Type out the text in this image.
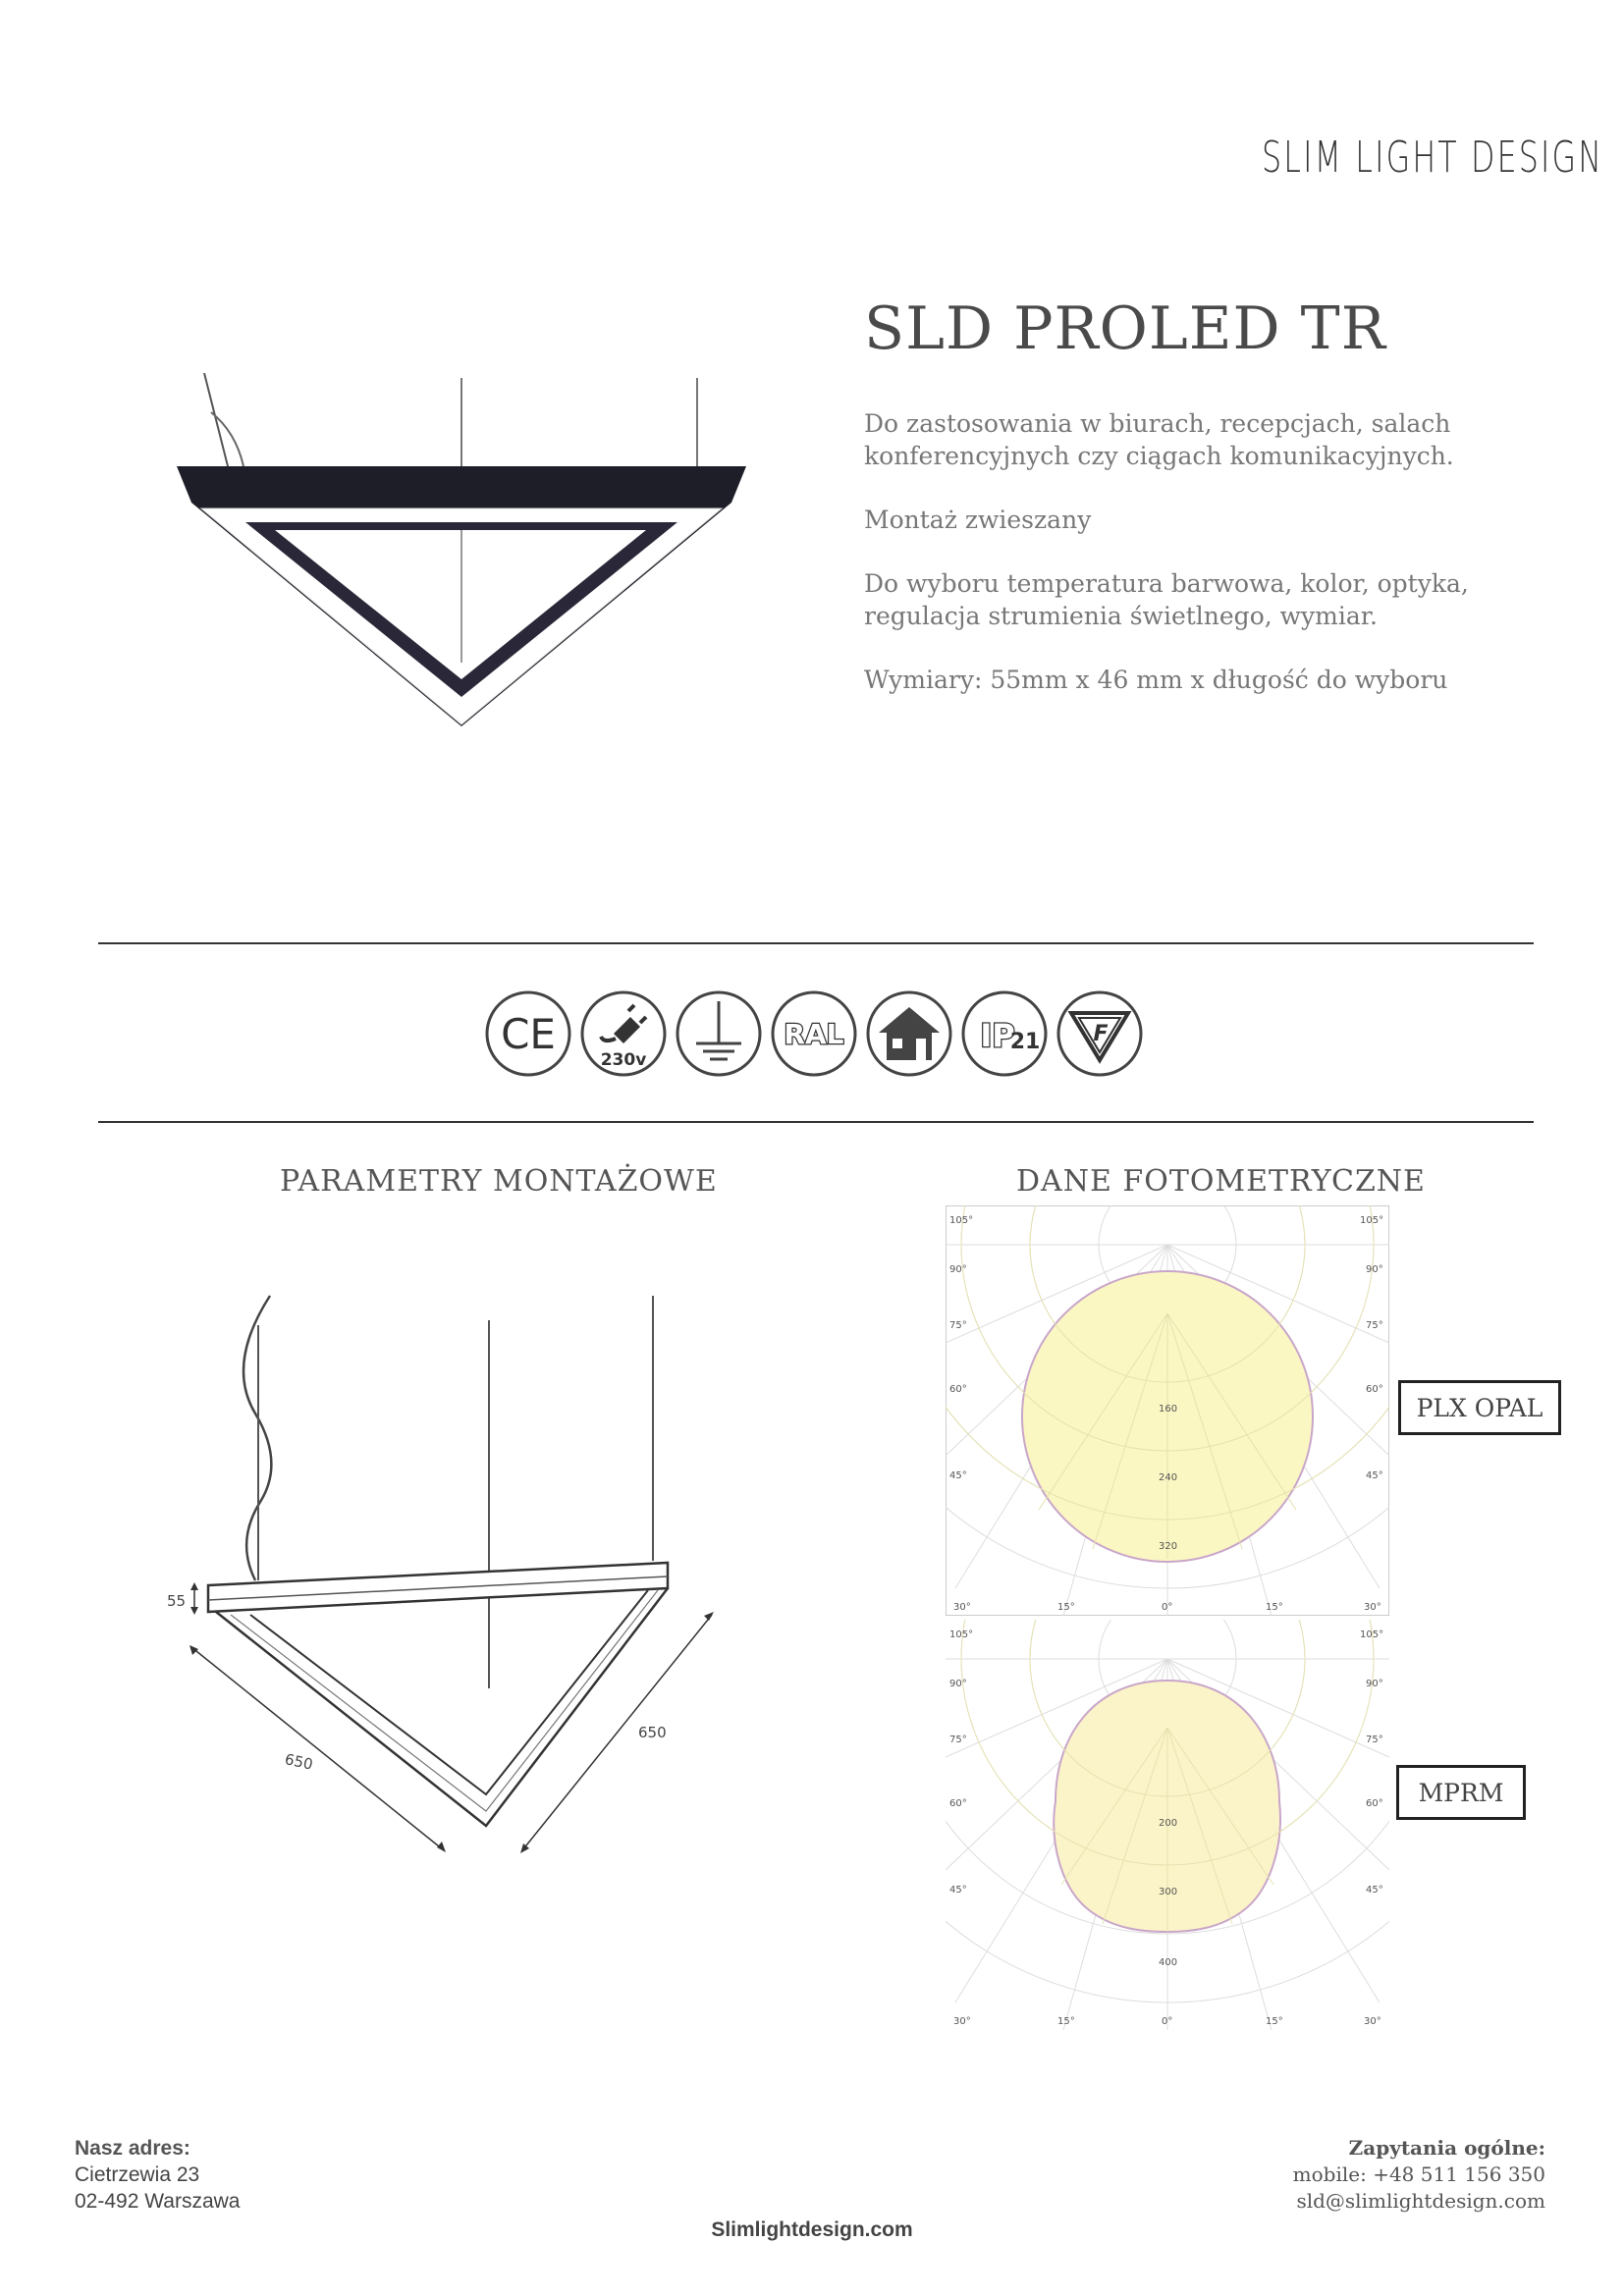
SLIM LIGHT DESIGN
SLD PROLED TR

Do zastosowania w biurach, recepcjach, salach konferencyjnych czy ciągach komunikacyjnych.

Montaż zwieszany

Do wyboru temperatura barwowa, kolor, optyka, regulacja strumienia świetlnego, wymiar.

Wymiary: 55mm x 46 mm x długość do wyboru

CE
230v
RAL	IP
21 F
PARAMETRY MONTAŻOWE	DANE FOTOMETRYCZNE
55
650
650
105°
90°
75°
60°
45°
105°
90°
75°
60°
45°
30°	15°	0°	15°	30°
160
240
320
PLX OPAL
105°
90°
75°
60°
45°
105°
90°
75°
60°
45°
30°	15°	0°	15°	30°
200
300
400
MPRM
Nasz adres:
Cietrzewia 23
02-492 Warszawa
Zapytania ogólne:
mobile: +48 511 156 350
sld@slimlightdesign.com
Slimlightdesign.com
